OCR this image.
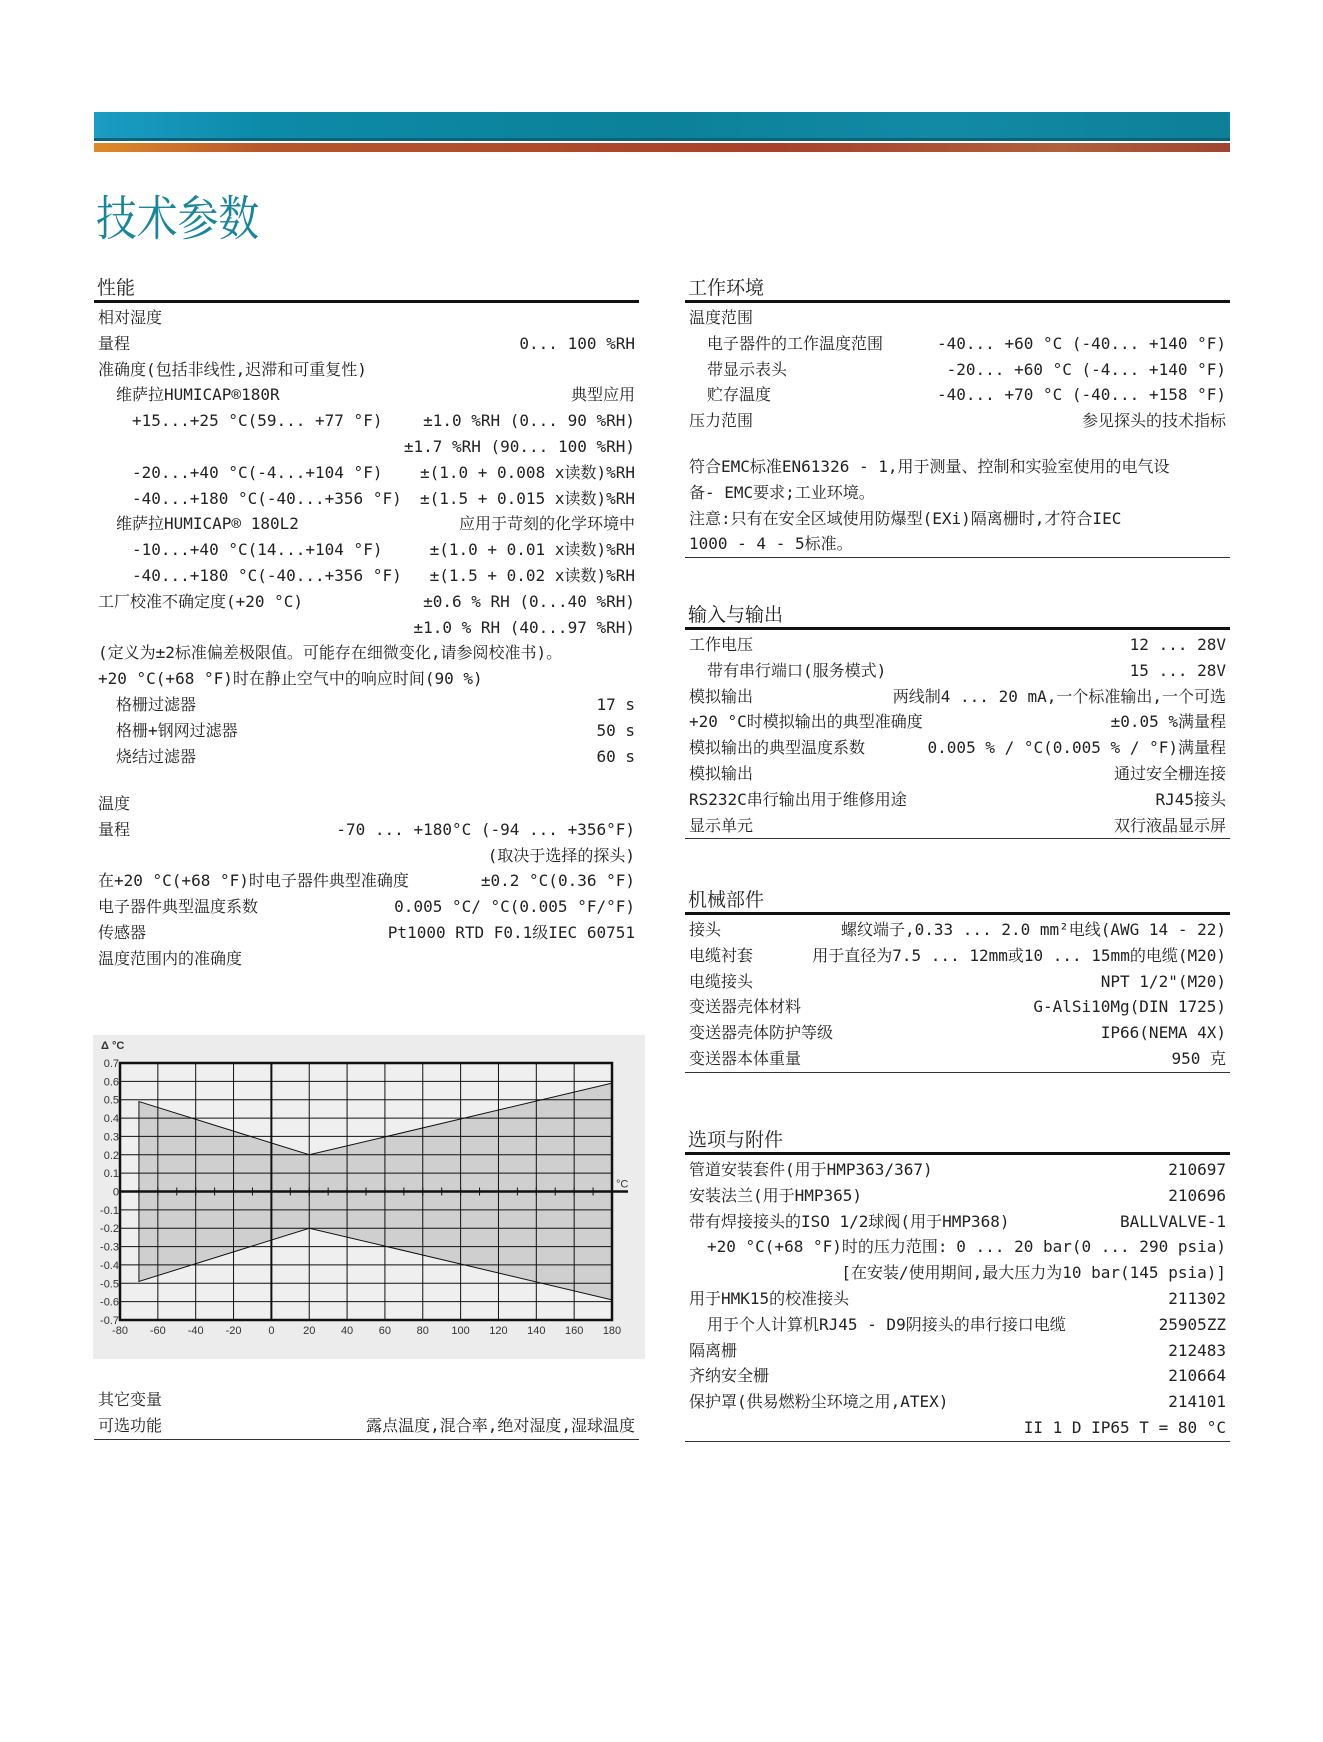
技术参数
性能
相对湿度
量程	0... 100 %RH
准确度(包括非线性,迟滞和可重复性)
维萨拉HUMICAP®180R	典型应用
+15...+25 °C(59... +77 °F)	±1.0 %RH (0... 90 %RH)
±1.7 %RH (90... 100 %RH)
-20...+40 °C(-4...+104 °F) ±(1.0 + 0.008 x读数)%RH
-40...+180 °C(-40...+356 °F) ±(1.5 + 0.015 x读数)%RH
维萨拉HUMICAP® 180L2	应用于苛刻的化学环境中
-10...+40 °C(14...+104 °F)	±(1.0 + 0.01 x读数)%RH
-40...+180 °C(-40...+356 °F) ±(1.5 + 0.02 x读数)%RH
工厂校准不确定度(+20 °C)	±0.6 % RH (0...40 %RH)
±1.0 % RH (40...97 %RH)
(定义为±2标准偏差极限值。可能存在细微变化,请参阅校准书)。
+20 °C(+68 °F)时在静止空气中的响应时间(90 %)
格栅过滤器	17 s
格栅+钢网过滤器	50 s
烧结过滤器	60 s
温度
量程	-70 ... +180°C (-94 ... +356°F)
(取决于选择的探头)
在+20 °C(+68 °F)时电子器件典型准确度	±0.2 °C(0.36 °F)
电子器件典型温度系数	0.005 °C/ °C(0.005 °F/°F)
传感器	Pt1000 RTD F0.1级IEC 60751
温度范围内的准确度
-80 -60 -40 -20 0	20 40 60 80 100 120 140 160 180
0.7
0.6
0.5
0.4
0.3
0.2
0.1
0
-0.1
-0.2
-0.3
-0.4
-0.5
-0.6
-0.7
Δ °C
°C
其它变量
可选功能	露点温度,混合率,绝对湿度,湿球温度
工作环境
温度范围
电子器件的工作温度范围	-40... +60 °C (-40... +140 °F)
带显示表头	-20... +60 °C (-4... +140 °F)
贮存温度	-40... +70 °C (-40... +158 °F)
压力范围	参见探头的技术指标
符合EMC标准EN61326 - 1,用于测量、控制和实验室使用的电气设
备- EMC要求;工业环境。
注意:只有在安全区域使用防爆型(EXi)隔离栅时,才符合IEC
1000 - 4 - 5标准。
输入与输出
工作电压	12 ... 28V
带有串行端口(服务模式)	15 ... 28V
模拟输出	两线制4 ... 20 mA,一个标准输出,一个可选
+20 °C时模拟输出的典型准确度	±0.05 %满量程
模拟输出的典型温度系数	0.005 % / °C(0.005 % / °F)满量程
模拟输出	通过安全栅连接
RS232C串行输出用于维修用途	RJ45接头
显示单元	双行液晶显示屏
机械部件
接头	螺纹端子,0.33 ... 2.0 mm²电线(AWG 14 - 22)
电缆衬套	用于直径为7.5 ... 12mm或10 ... 15mm的电缆(M20)
电缆接头	NPT 1/2"(M20)
变送器壳体材料	G-AlSi10Mg(DIN 1725)
变送器壳体防护等级	IP66(NEMA 4X)
变送器本体重量	950 克
选项与附件
管道安装套件(用于HMP363/367)	210697
安装法兰(用于HMP365)	210696
带有焊接接头的ISO 1/2球阀(用于HMP368)	BALLVALVE-1
+20 °C(+68 °F)时的压力范围: 0 ... 20 bar(0 ... 290 psia)
[在安装/使用期间,最大压力为10 bar(145 psia)]
用于HMK15的校准接头	211302
用于个人计算机RJ45 - D9阴接头的串行接口电缆	25905ZZ
隔离栅	212483
齐纳安全栅	210664
保护罩(供易燃粉尘环境之用,ATEX)	214101
II 1 D IP65 T = 80 °C
